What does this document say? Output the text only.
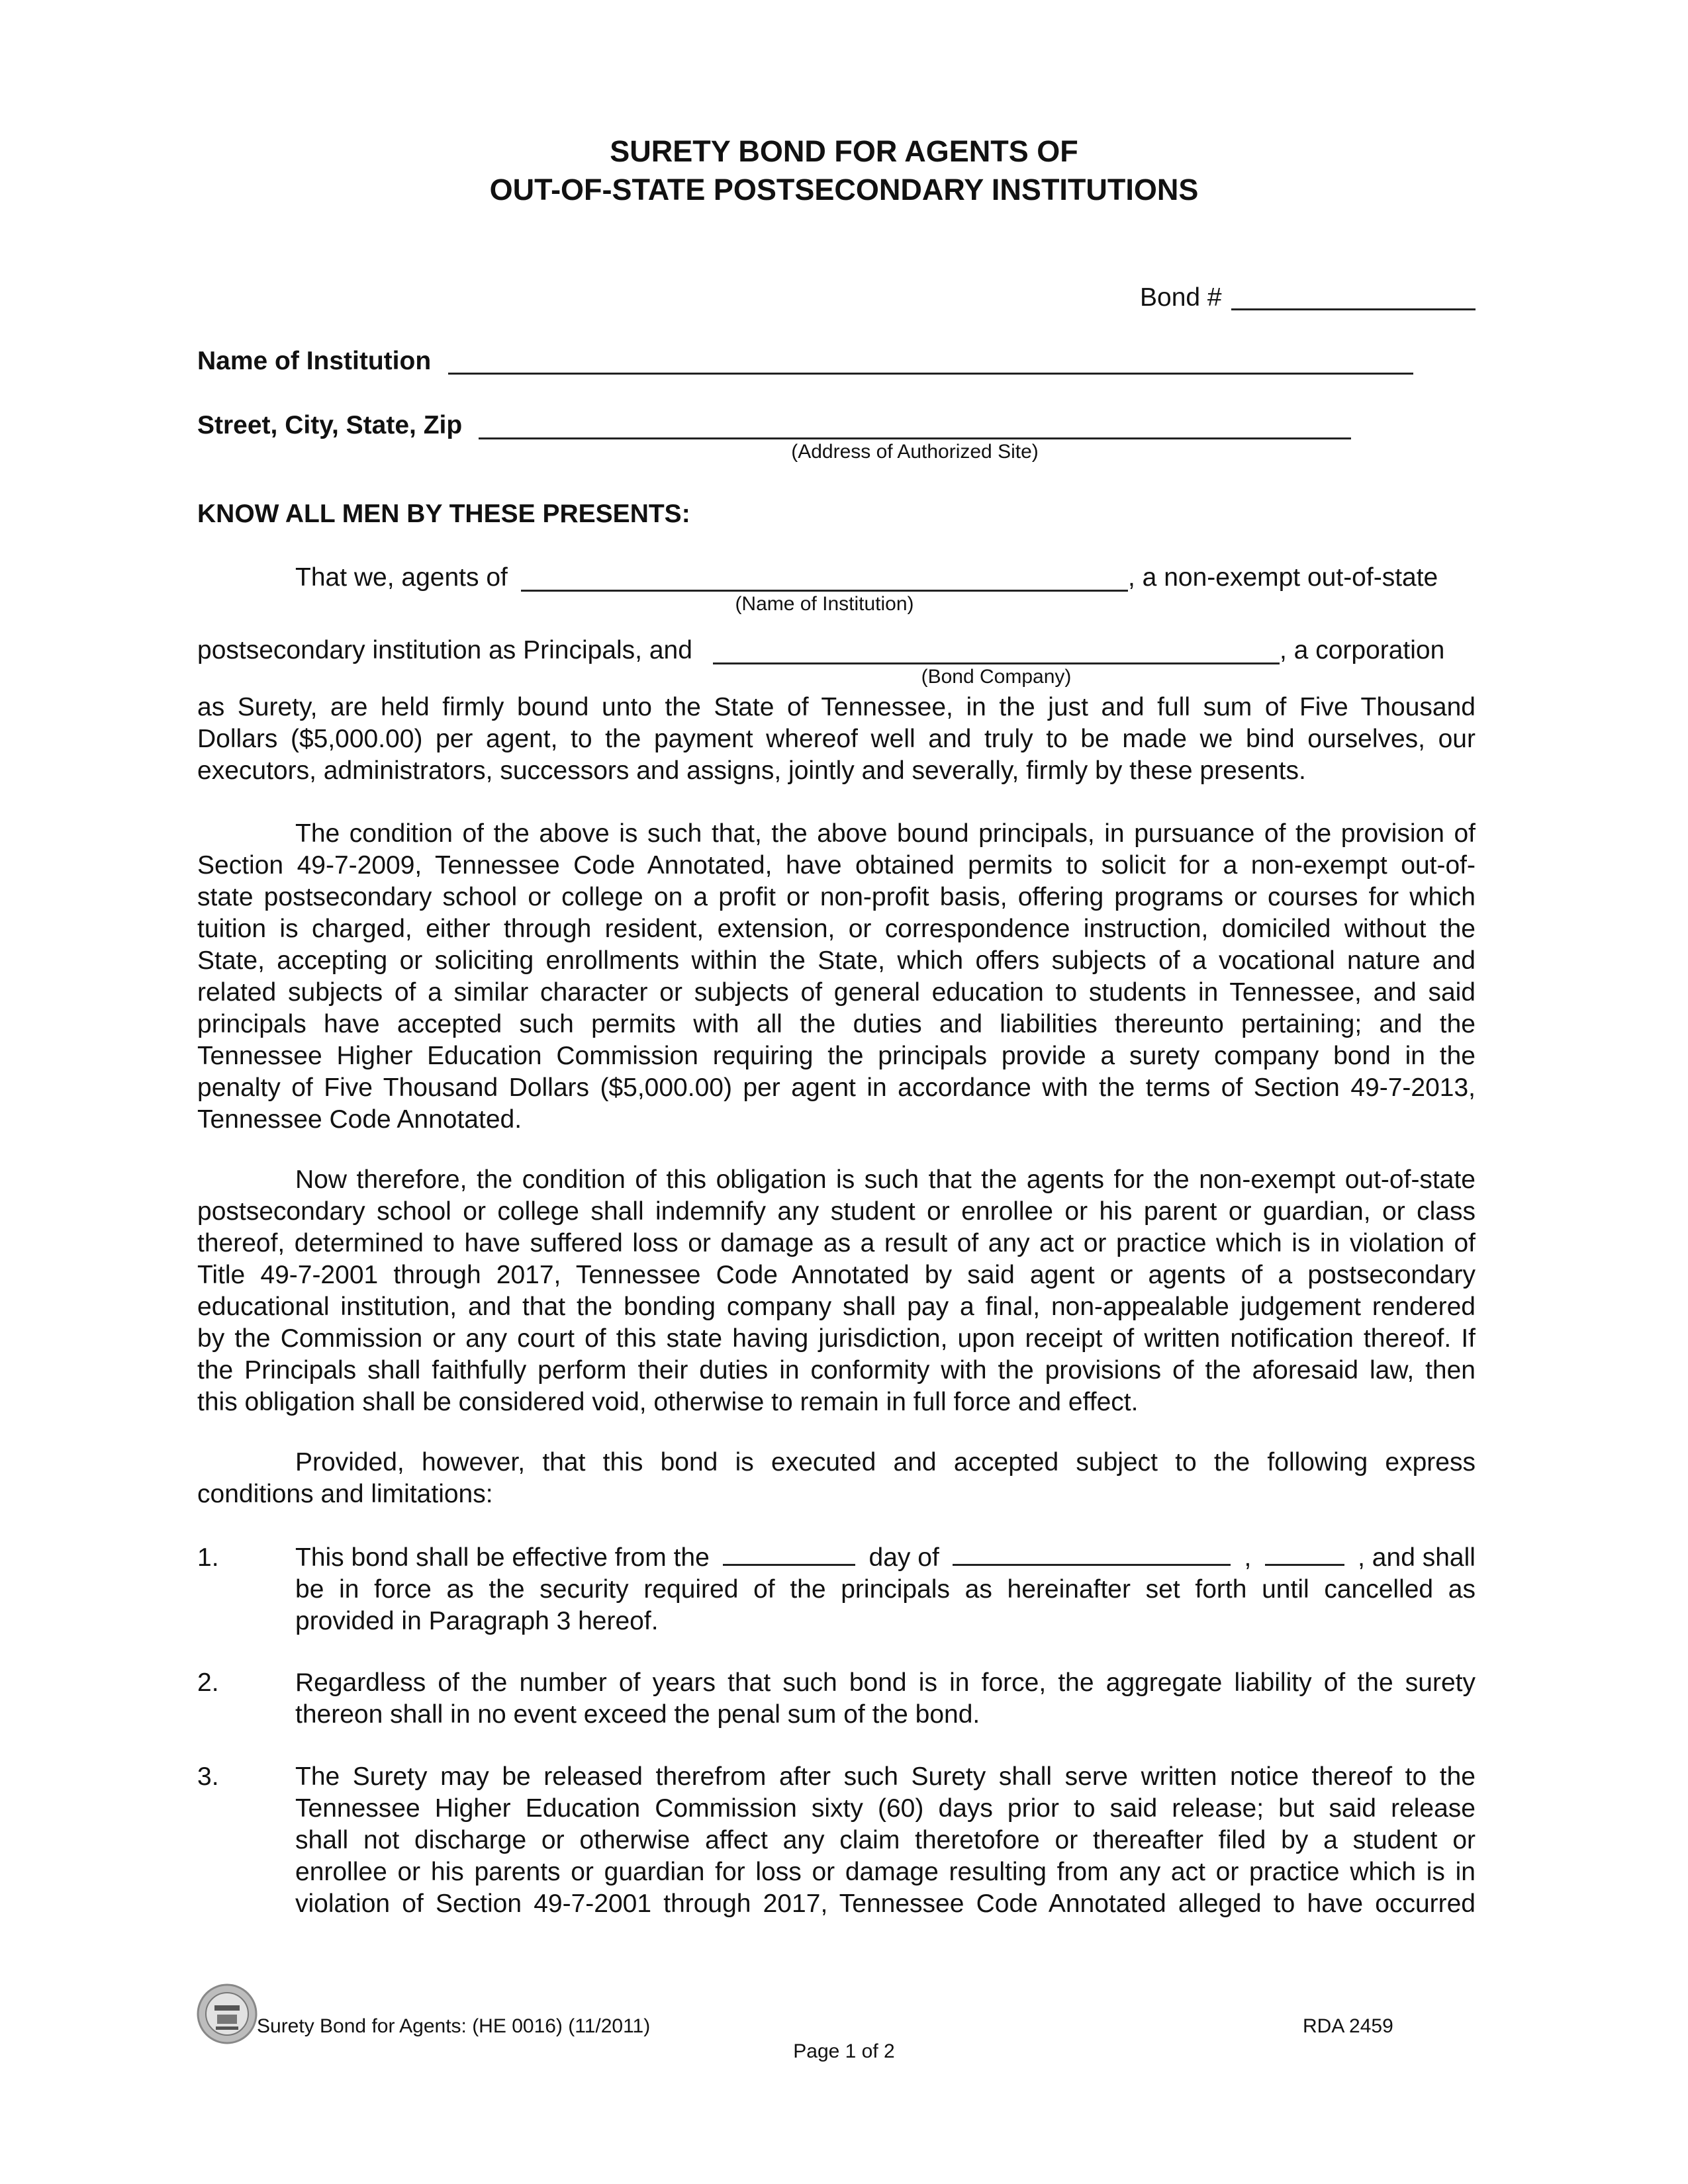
SURETY BOND FOR AGENTS OF
OUT-OF-STATE POSTSECONDARY INSTITUTIONS
Bond #
Name of Institution
Street, City, State, Zip
(Address of Authorized Site)
KNOW ALL MEN BY THESE PRESENTS:
That we, agents of	, a non-exempt out-of-state
(Name of Institution)
postsecondary institution as Principals, and	, a corporation
(Bond Company)
as Surety, are held firmly bound unto the State of Tennessee, in the just and full sum of Five Thousand
Dollars ($5,000.00) per agent, to the payment whereof well and truly to be made we bind ourselves, our
executors, administrators, successors and assigns, jointly and severally, firmly by these presents.
The condition of the above is such that, the above bound principals, in pursuance of the provision of
Section 49-7-2009, Tennessee Code Annotated, have obtained permits to solicit for a non-exempt out-of-
state postsecondary school or college on a profit or non-profit basis, offering programs or courses for which
tuition is charged, either through resident, extension, or correspondence instruction, domiciled without the
State, accepting or soliciting enrollments within the State, which offers subjects of a vocational nature and
related subjects of a similar character or subjects of general education to students in Tennessee, and said
principals have accepted such permits with all the duties and liabilities thereunto pertaining; and the
Tennessee Higher Education Commission requiring the principals provide a surety company bond in the
penalty of Five Thousand Dollars ($5,000.00) per agent in accordance with the terms of Section 49-7-2013,
Tennessee Code Annotated.
Now therefore, the condition of this obligation is such that the agents for the non-exempt out-of-state
postsecondary school or college shall indemnify any student or enrollee or his parent or guardian, or class
thereof, determined to have suffered loss or damage as a result of any act or practice which is in violation of
Title 49-7-2001 through 2017, Tennessee Code Annotated by said agent or agents of a postsecondary
educational institution, and that the bonding company shall pay a final, non-appealable judgement rendered
by the Commission or any court of this state having jurisdiction, upon receipt of written notification thereof. If
the Principals shall faithfully perform their duties in conformity with the provisions of the aforesaid law, then
this obligation shall be considered void, otherwise to remain in full force and effect.
Provided, however, that this bond is executed and accepted subject to the following express
conditions and limitations:
1.	This bond shall be effective from the	day of	,	, and shall
be in force as the security required of the principals as hereinafter set forth until cancelled as
provided in Paragraph 3 hereof.
2.	Regardless of the number of years that such bond is in force, the aggregate liability of the surety
thereon shall in no event exceed the penal sum of the bond.
3.	The Surety may be released therefrom after such Surety shall serve written notice thereof to the
Tennessee Higher Education Commission sixty (60) days prior to said release; but said release
shall not discharge or otherwise affect any claim theretofore or thereafter filed by a student or
enrollee or his parents or guardian for loss or damage resulting from any act or practice which is in
violation of Section 49-7-2001 through 2017, Tennessee Code Annotated alleged to have occurred
Surety Bond for Agents: (HE 0016) (11/2011)	RDA 2459
Page 1 of 2
